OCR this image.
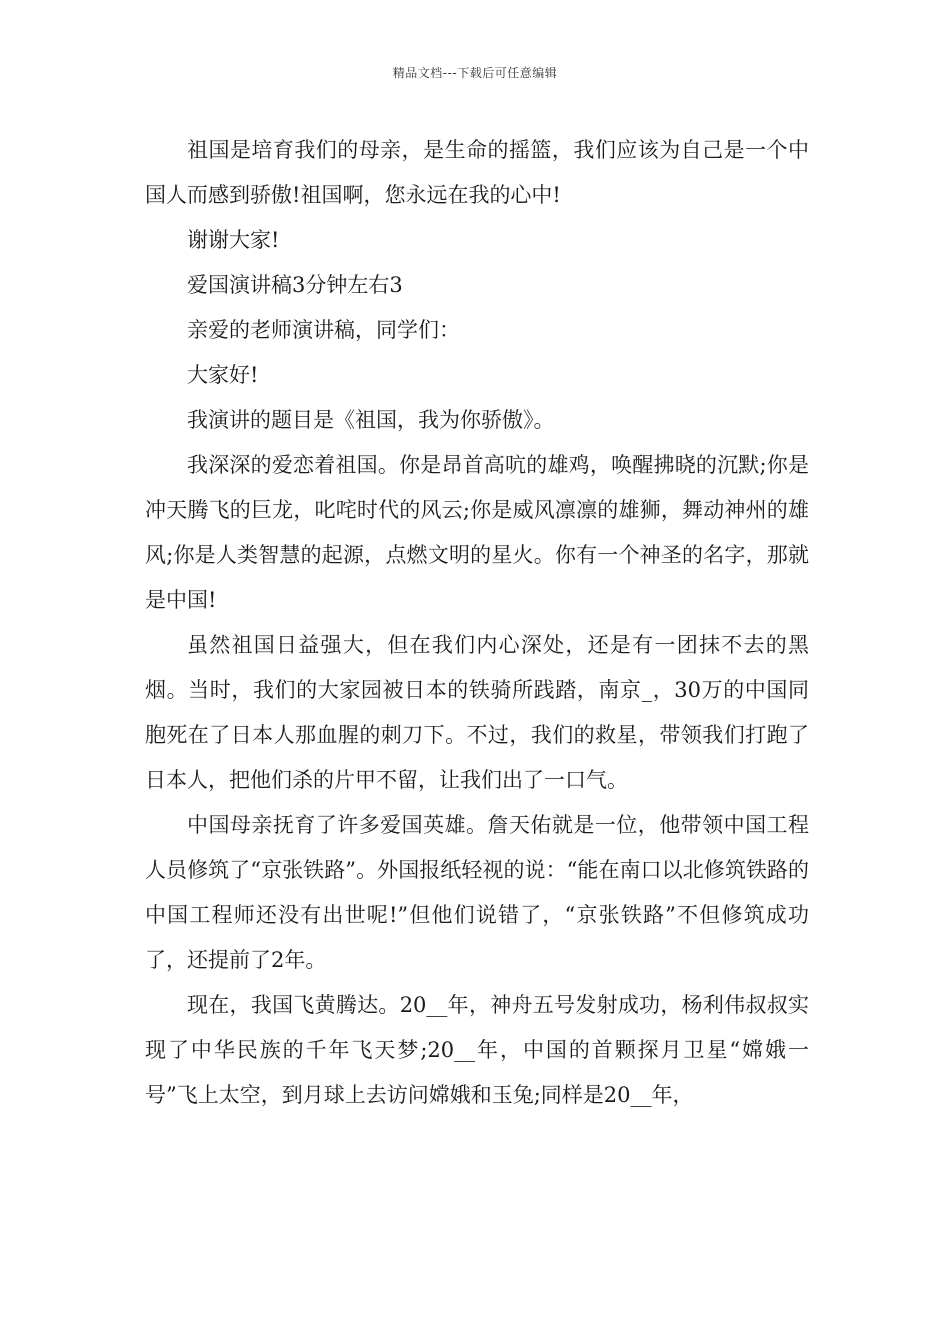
精品文档---下载后可任意编辑

祖国是培育我们的母亲，是生命的摇篮，我们应该为自己是一个中国人而感到骄傲!祖国啊，您永远在我的心中!

谢谢大家!

爱国演讲稿3分钟左右3

亲爱的老师演讲稿，同学们：

大家好!

我演讲的题目是《祖国，我为你骄傲》。

我深深的爱恋着祖国。你是昂首高吭的雄鸡，唤醒拂晓的沉默;你是冲天腾飞的巨龙，叱咤时代的风云;你是威风凛凛的雄狮，舞动神州的雄风;你是人类智慧的起源，点燃文明的星火。你有一个神圣的名字，那就是中国!

虽然祖国日益强大，但在我们内心深处，还是有一团抹不去的黑烟。当时，我们的大家园被日本的铁骑所践踏，南京_，30万的中国同胞死在了日本人那血腥的刺刀下。不过，我们的救星，带领我们打跑了日本人，把他们杀的片甲不留，让我们出了一口气。

中国母亲抚育了许多爱国英雄。詹天佑就是一位，他带领中国工程人员修筑了“京张铁路”。外国报纸轻视的说：“能在南口以北修筑铁路的中国工程师还没有出世呢!”但他们说错了，“京张铁路”不但修筑成功了，还提前了2年。

现在，我国飞黄腾达。20__年，神舟五号发射成功，杨利伟叔叔实现了中华民族的千年飞天梦;20__年，中国的首颗探月卫星“嫦娥一号”飞上太空，到月球上去访问嫦娥和玉兔;同样是20__年，
